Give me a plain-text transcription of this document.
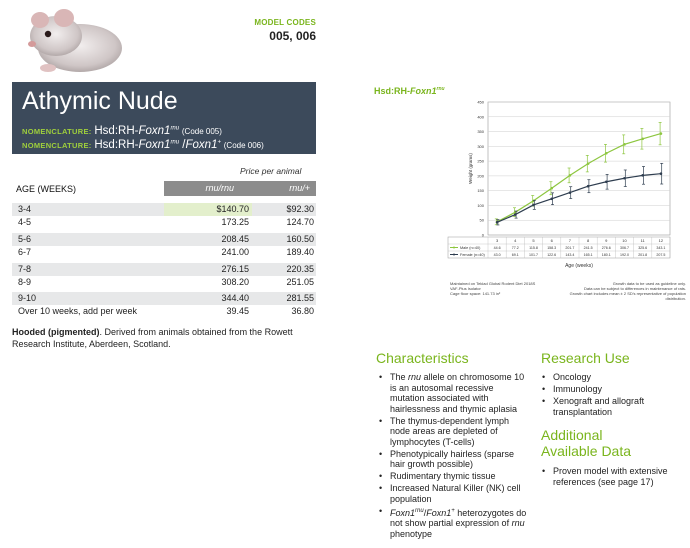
MODEL CODES
005, 006
Athymic Nude
NOMENCLATURE: $Hsd:RH-Foxn1^{rnu}$ (Code 005)
NOMENCLATURE: $Hsd:RH-Foxn1^{rnu}$ /Foxn1+ (Code 006)
Price per animal
AGE (WEEKS)	rnu/rnu	rnu/+
3-4	$140.70	$92.30
4-5	173.25	124.70
5-6	208.45	160.50
6-7	241.00	189.40
7-8	276.15	220.35
8-9	308.20	251.05
9-10	344.40	281.55
Over 10 weeks, add per week	39.45	36.80
Hooded (pigmented). Derived from animals obtained from the Rowett Research Institute, Aberdeen, Scotland.
$Hsd:RH-Foxn1^{rnu}$
450
400
350
300
250
200
150
100
50
0
Weight (grams)
3	4	5	6	7	8	9	10	11	12
Male (n=40)	44.6	77.2	115.8	158.3	201.7	241.5	276.6	306.7	325.6	343.1
Female (n=40) 43.0	69.1	101.7	122.6	143.4	165.1	180.1	192.0	201.8	207.5
Age (weeks)
Maintained on Teklad Global Rodent Diet 2018S
VAF-Plus Isolator
Cage floor space: 141.73 in²
Growth data to be used as guideline only.
Data can be subject to differences in maintenance of rats.
Growth chart includes mean ± 2 SD's representative of population distribution.
Characteristics
• The rnu allele on chromosome 10 is an autosomal recessive mutation associated with hairlessness and thymic aplasia
• The thymus-dependent lymph node areas are depleted of lymphocytes (T-cells)
• Phenotypically hairless (sparse hair growth possible)
• Rudimentary thymic tissue
• Increased Natural Killer (NK) cell population
• $Foxn1^{rnu}/Foxn1^+$ heterozygotes do not show partial expression of rnu phenotype
Research Use
• Oncology
• Immunology
• Xenograft and allograft transplantation
Additional
Available Data
• Proven model with extensive references (see page 17)
